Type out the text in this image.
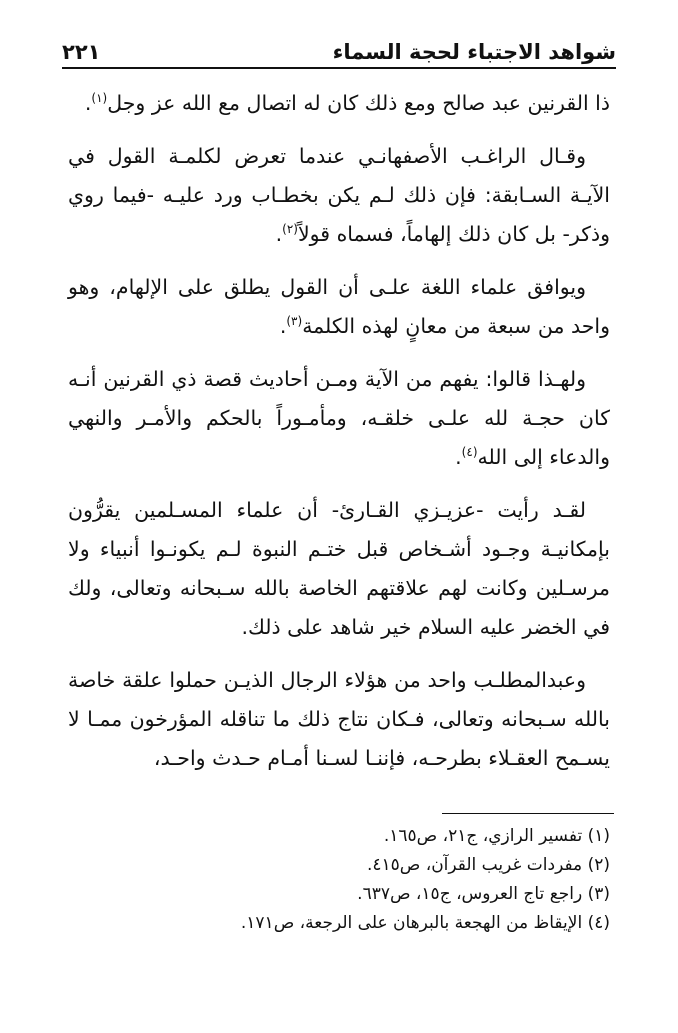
شواهد الاجتباء لحجة السماء
٢٢١

ذا القرنين عبد صالح ومع ذلك كان له اتصال مع الله عز وجل$^{(١)}$.

وقـال الراغـب الأصفهانـي عندما تعرض لكلمـة القول في الآيـة السـابقة: فإن ذلك لـم يكن بخطـاب ورد عليـه -فيما روي وذكر- بل كان ذلك إلهاماً، فسماه قولاً$^{(٢)}$.

ويوافق علماء اللغة علـى أن القول يطلق على الإلهام، وهو واحد من سبعة من معانٍ لهذه الكلمة$^{(٣)}$.

ولهـذا قالوا: يفهم من الآية ومـن أحاديث قصة ذي القرنين أنـه كان حجـة لله علـى خلقـه، ومأمـوراً بالحكم والأمـر والنهي والدعاء إلى الله$^{(٤)}$.

لقـد رأيت -عزيـزي القـارئ- أن علماء المسـلمين يقرُّون بإمكانيـة وجـود أشـخاص قبل ختـم النبوة لـم يكونـوا أنبياء ولا مرسـلين وكانت لهم علاقتهم الخاصة بالله سـبحانه وتعالى، ولك في الخضر عليه السلام خير شاهد على ذلك.

وعبدالمطلـب واحد من هؤلاء الرجال الذيـن حملوا علقة خاصة بالله سـبحانه وتعالى، فـكان نتاج ذلك ما تناقله المؤرخون ممـا لا يسـمح العقـلاء بطرحـه، فإننـا لسـنا أمـام حـدث واحـد،

(١) تفسير الرازي، ج٢١، ص١٦٥.

(٢) مفردات غريب القرآن، ص٤١٥.

(٣) راجع تاج العروس، ج١٥، ص٦٣٧.

(٤) الإيقاظ من الهجعة بالبرهان على الرجعة، ص١٧١.
